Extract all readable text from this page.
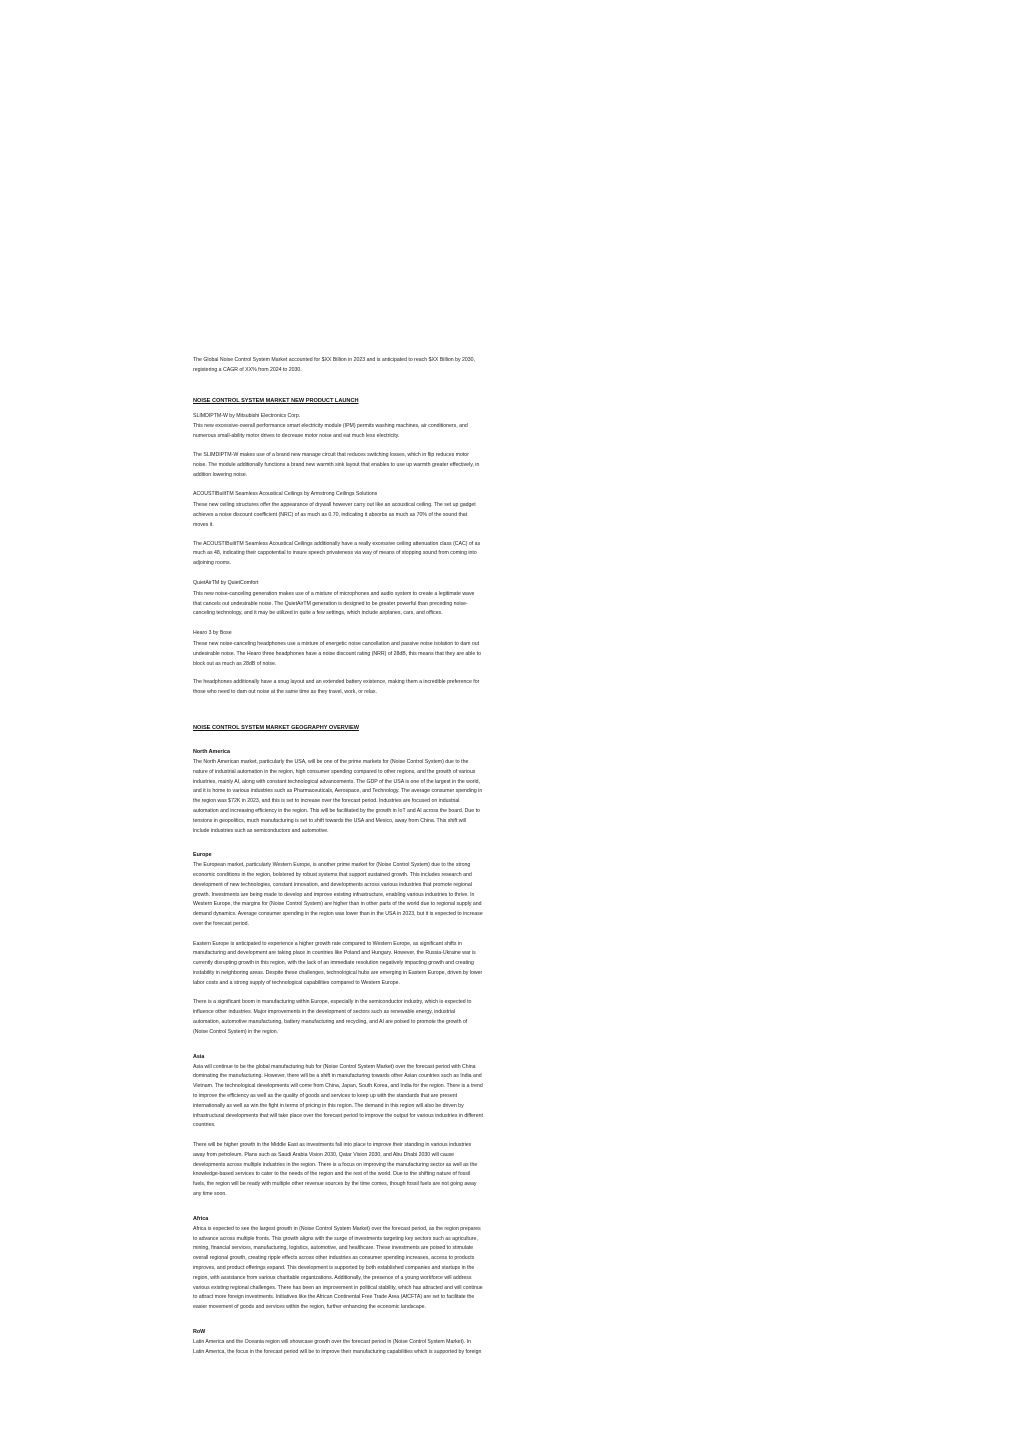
The Global Noise Control System Market accounted for $XX Billion in 2023 and is anticipated to reach $XX Billion by 2030, registering a CAGR of XX% from 2024 to 2030.

NOISE CONTROL SYSTEM MARKET NEW PRODUCT LAUNCH

SLIMDIPTM-W by Mitsubishi Electronics Corp.

This new excessive-overall performance smart electricity module (IPM) permits washing machines, air conditioners, and numerous small-ability motor drives to decrease motor noise and eat much less electricity.

The SLIMDIPTM-W makes use of a brand new manage circuit that reduces switching losses, which in flip reduces motor noise. The module additionally functions a brand new warmth sink layout that enables to use up warmth greater effectively, in addition lowering noise.

ACOUSTIBuiltTM Seamless Acoustical Ceilings by Armstrong Ceilings Solutions

These new ceiling structures offer the appearance of drywall however carry out like an acoustical ceiling. The set up gadget achieves a noise discount coefficient (NRC) of as much as 0.70, indicating it absorbs as much as 70% of the sound that moves it.

The ACOUSTIBuiltTM Seamless Acoustical Ceilings additionally have a really excessive ceiling attenuation class (CAC) of as much as 48, indicating their cappotential to insure speech privateness via way of means of stopping sound from coming into adjoining rooms.

QuietAirTM by QuietComfort

This new noise-canceling generation makes use of a mixture of microphones and audio system to create a legitimate wave that cancels out undesirable noise. The QuietAirTM generation is designed to be greater powerful than preceding noise-canceling technology, and it may be utilized in quite a few settings, which include airplanes, cars, and offices.

Hearo 3 by Bose

These new noise-canceling headphones use a mixture of energetic noise cancellation and passive noise isolation to dam out undesirable noise. The Hearo three headphones have a noise discount rating (NRR) of 28dB, this means that they are able to block out as much as 28dB of noise.

The headphones additionally have a snug layout and an extended battery existence, making them a incredible preference for those who need to dam out noise at the same time as they travel, work, or relax.

NOISE CONTROL SYSTEM MARKET GEOGRAPHY OVERVIEW
North America

The North American market, particularly the USA, will be one of the prime markets for (Noise Control System) due to the nature of industrial automation in the region, high consumer spending compared to other regions, and the growth of various industries, mainly AI, along with constant technological advancements. The GDP of the USA is one of the largest in the world, and it is home to various industries such as Pharmaceuticals, Aerospace, and Technology. The average consumer spending in the region was $72K in 2023, and this is set to increase over the forecast period. Industries are focused on industrial automation and increasing efficiency in the region. This will be facilitated by the growth in IoT and AI across the board. Due to tensions in geopolitics, much manufacturing is set to shift towards the USA and Mexico, away from China. This shift will include industries such as semiconductors and automotive.

Europe

The European market, particularly Western Europe, is another prime market for (Noise Control System) due to the strong economic conditions in the region, bolstered by robust systems that support sustained growth. This includes research and development of new technologies, constant innovation, and developments across various industries that promote regional growth. Investments are being made to develop and improve existing infrastructure, enabling various industries to thrive. In Western Europe, the margins for (Noise Control System) are higher than in other parts of the world due to regional supply and demand dynamics. Average consumer spending in the region was lower than in the USA in 2023, but it is expected to increase over the forecast period.

Eastern Europe is anticipated to experience a higher growth rate compared to Western Europe, as significant shifts in manufacturing and development are taking place in countries like Poland and Hungary. However, the Russia-Ukraine war is currently disrupting growth in this region, with the lack of an immediate resolution negatively impacting growth and creating instability in neighboring areas. Despite these challenges, technological hubs are emerging in Eastern Europe, driven by lower labor costs and a strong supply of technological capabilities compared to Western Europe.

There is a significant boom in manufacturing within Europe, especially in the semiconductor industry, which is expected to influence other industries. Major improvements in the development of sectors such as renewable energy, industrial automation, automotive manufacturing, battery manufacturing and recycling, and AI are poised to promote the growth of (Noise Control System) in the region.

Asia

Asia will continue to be the global manufacturing hub for (Noise Control System Market) over the forecast period with China dominating the manufacturing. However, there will be a shift in manufacturing towards other Asian countries such as India and Vietnam. The technological developments will come from China, Japan, South Korea, and India for the region. There is a trend to improve the efficiency as well as the quality of goods and services to keep up with the standards that are present internationally as well as win the fight in terms of pricing in this region. The demand in this region will also be driven by infrastructural developments that will take place over the forecast period to improve the output for various industries in different countries.

There will be higher growth in the Middle East as investments fall into place to improve their standing in various industries away from petroleum. Plans such as Saudi Arabia Vision 2030, Qatar Vision 2030, and Abu Dhabi 2030 will cause developments across multiple industries in the region. There is a focus on improving the manufacturing sector as well as the knowledge-based services to cater to the needs of the region and the rest of the world. Due to the shifting nature of fossil fuels, the region will be ready with multiple other revenue sources by the time comes, though fossil fuels are not going away any time soon.

Africa

Africa is expected to see the largest growth in (Noise Control System Market) over the forecast period, as the region prepares to advance across multiple fronts. This growth aligns with the surge of investments targeting key sectors such as agriculture, mining, financial services, manufacturing, logistics, automotive, and healthcare. These investments are poised to stimulate overall regional growth, creating ripple effects across other industries as consumer spending increases, access to products improves, and product offerings expand. This development is supported by both established companies and startups in the region, with assistance from various charitable organizations. Additionally, the presence of a young workforce will address various existing regional challenges. There has been an improvement in political stability, which has attracted and will continue to attract more foreign investments. Initiatives like the African Continental Free Trade Area (AfCFTA) are set to facilitate the easier movement of goods and services within the region, further enhancing the economic landscape.

RoW

Latin America and the Oceania region will showcase growth over the forecast period in (Noise Control System Market). In Latin America, the focus in the forecast period will be to improve their manufacturing capabilities which is supported by foreign
